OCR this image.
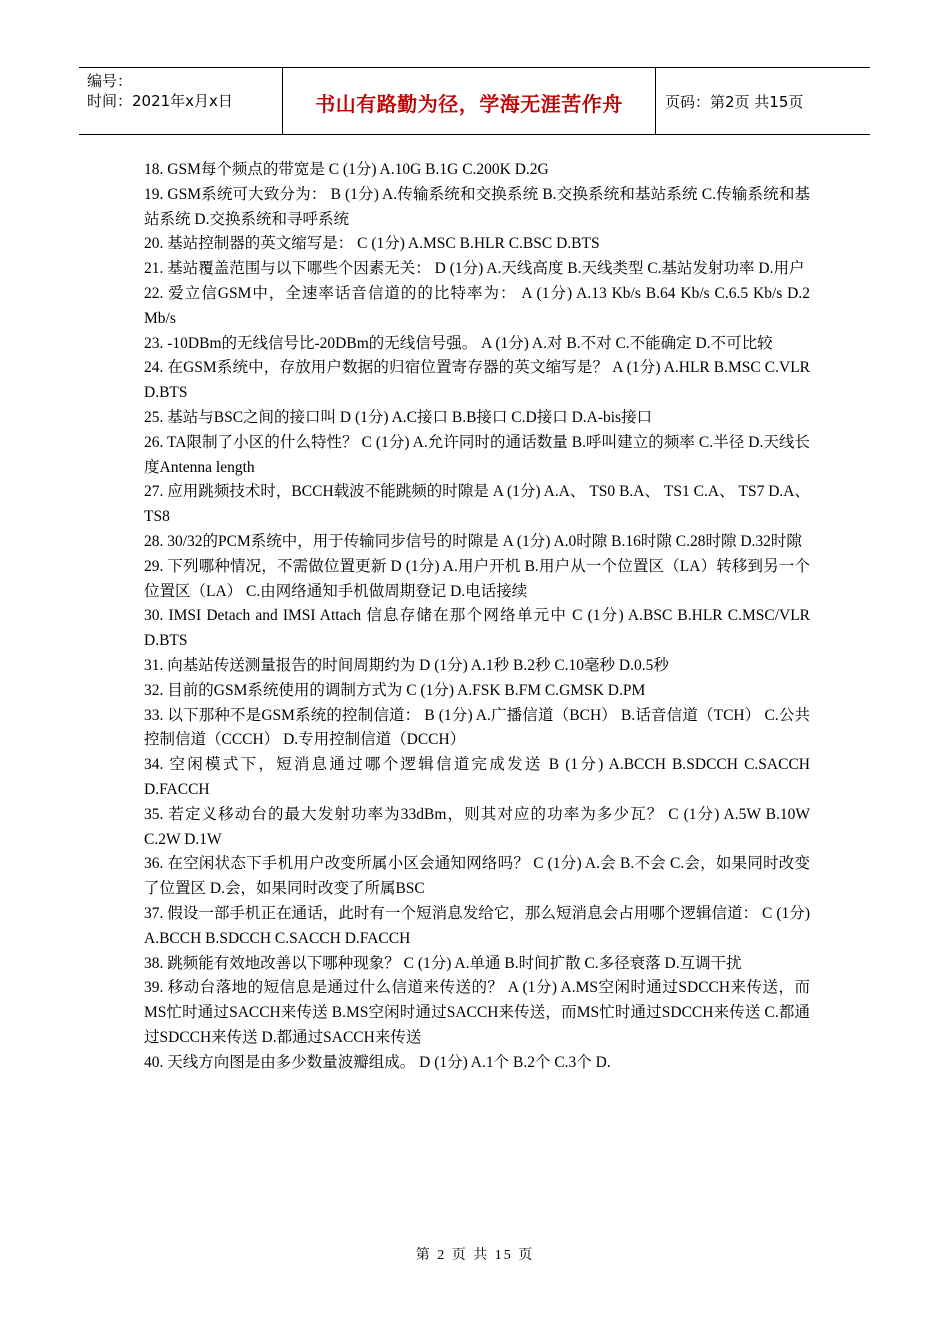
编号：
时间：2021年x月x日	书山有路勤为径，学海无涯苦作舟	页码：第2页 共15页

18. GSM每个频点的带宽是 C (1分) A.10G B.1G C.200K D.2G

19. GSM系统可大致分为： B (1分) A.传输系统和交换系统 B.交换系统和基站系统 C.传输系统和基站系统 D.交换系统和寻呼系统

20. 基站控制器的英文缩写是： C (1分) A.MSC B.HLR C.BSC D.BTS

21. 基站覆盖范围与以下哪些个因素无关： D (1分) A.天线高度 B.天线类型 C.基站发射功率 D.用户

22. 爱立信GSM中，全速率话音信道的的比特率为： A (1分) A.13 Kb/s B.64 Kb/s C.6.5 Kb/s D.2 Mb/s

23. -10DBm的无线信号比-20DBm的无线信号强。 A (1分) A.对 B.不对 C.不能确定 D.不可比较

24. 在GSM系统中，存放用户数据的归宿位置寄存器的英文缩写是？ A (1分) A.HLR B.MSC C.VLR D.BTS

25. 基站与BSC之间的接口叫 D (1分) A.C接口 B.B接口 C.D接口 D.A-bis接口

26. TA限制了小区的什么特性？ C (1分) A.允许同时的通话数量 B.呼叫建立的频率 C.半径 D.天线长度Antenna length

27. 应用跳频技术时，BCCH载波不能跳频的时隙是 A (1分) A.A、 TS0 B.A、 TS1 C.A、 TS7 D.A、 TS8

28. 30/32的PCM系统中，用于传输同步信号的时隙是 A (1分) A.0时隙 B.16时隙 C.28时隙 D.32时隙

29. 下列哪种情况，不需做位置更新 D (1分) A.用户开机 B.用户从一个位置区（LA）转移到另一个位置区（LA） C.由网络通知手机做周期登记 D.电话接续

30. IMSI Detach and IMSI Attach 信息存储在那个网络单元中 C (1分) A.BSC B.HLR C.MSC/VLR D.BTS

31. 向基站传送测量报告的时间周期约为 D (1分) A.1秒 B.2秒 C.10毫秒 D.0.5秒

32. 目前的GSM系统使用的调制方式为 C (1分) A.FSK B.FM C.GMSK D.PM

33. 以下那种不是GSM系统的控制信道： B (1分) A.广播信道（BCH） B.话音信道（TCH） C.公共控制信道（CCCH） D.专用控制信道（DCCH）

34. 空闲模式下，短消息通过哪个逻辑信道完成发送 B (1分) A.BCCH B.SDCCH C.SACCH D.FACCH

35. 若定义移动台的最大发射功率为33dBm，则其对应的功率为多少瓦？ C (1分) A.5W B.10W C.2W D.1W

36. 在空闲状态下手机用户改变所属小区会通知网络吗？ C (1分) A.会 B.不会 C.会，如果同时改变了位置区 D.会，如果同时改变了所属BSC

37. 假设一部手机正在通话，此时有一个短消息发给它，那么短消息会占用哪个逻辑信道： C (1分) A.BCCH B.SDCCH C.SACCH D.FACCH

38. 跳频能有效地改善以下哪种现象？ C (1分) A.单通 B.时间扩散 C.多径衰落 D.互调干扰

39. 移动台落地的短信息是通过什么信道来传送的？ A (1分) A.MS空闲时通过SDCCH来传送，而MS忙时通过SACCH来传送 B.MS空闲时通过SACCH来传送，而MS忙时通过SDCCH来传送 C.都通过SDCCH来传送 D.都通过SACCH来传送

40. 天线方向图是由多少数量波瓣组成。 D (1分) A.1个 B.2个 C.3个 D.

第 2 页 共 15 页
